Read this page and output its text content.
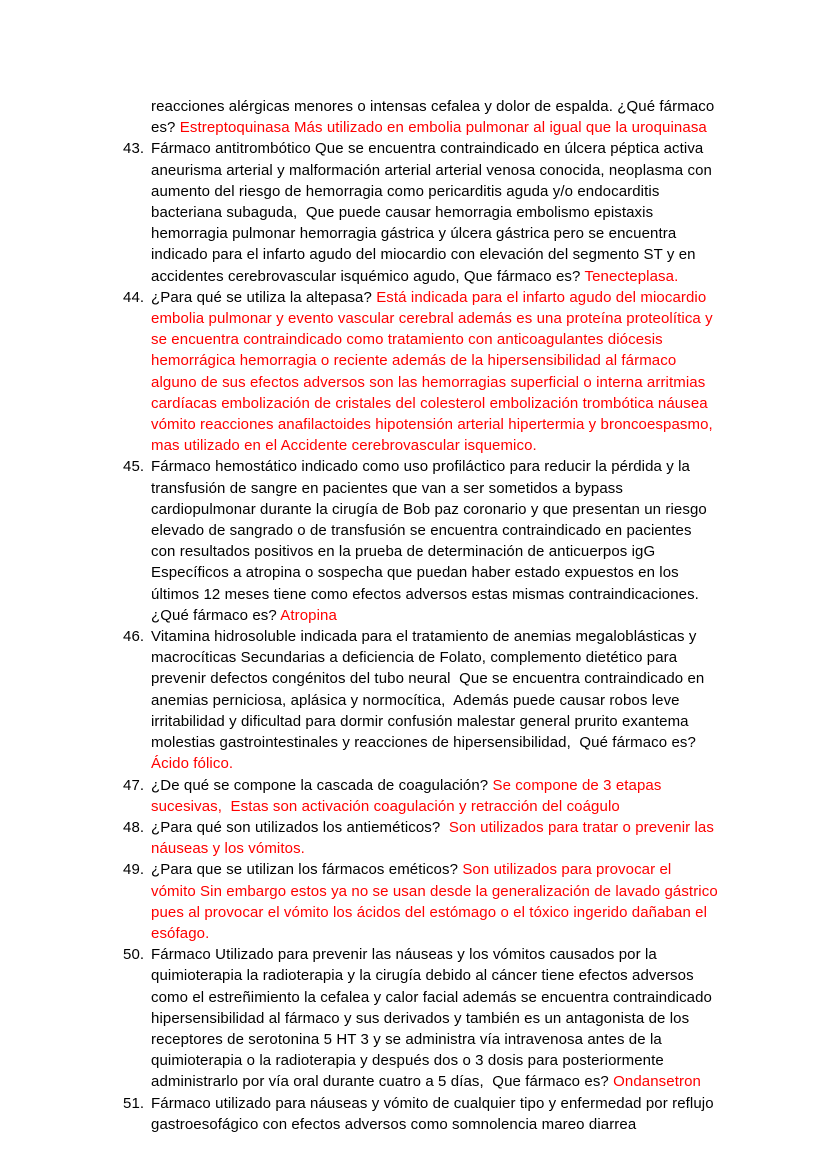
reacciones alérgicas menores o intensas cefalea y dolor de espalda. ¿Qué fármaco es? Estreptoquinasa Más utilizado en embolia pulmonar al igual que la uroquinasa
43. Fármaco antitrombótico Que se encuentra contraindicado en úlcera péptica activa aneurisma arterial y malformación arterial arterial venosa conocida, neoplasma con aumento del riesgo de hemorragia como pericarditis aguda y/o endocarditis bacteriana subaguda,  Que puede causar hemorragia embolismo epistaxis hemorragia pulmonar hemorragia gástrica y úlcera gástrica pero se encuentra indicado para el infarto agudo del miocardio con elevación del segmento ST y en accidentes cerebrovascular isquémico agudo, Que fármaco es? Tenecteplasa.
44. ¿Para qué se utiliza la altepasa? Está indicada para el infarto agudo del miocardio embolia pulmonar y evento vascular cerebral además es una proteína proteolítica y se encuentra contraindicado como tratamiento con anticoagulantes diócesis hemorrágica hemorragia o reciente además de la hipersensibilidad al fármaco alguno de sus efectos adversos son las hemorragias superficial o interna arritmias cardíacas embolización de cristales del colesterol embolización trombótica náusea vómito reacciones anafilactoides hipotensión arterial hipertermia y broncoespasmo, mas utilizado en el Accidente cerebrovascular isquemico.
45. Fármaco hemostático indicado como uso profiláctico para reducir la pérdida y la transfusión de sangre en pacientes que van a ser sometidos a bypass cardiopulmonar durante la cirugía de Bob paz coronario y que presentan un riesgo elevado de sangrado o de transfusión se encuentra contraindicado en pacientes con resultados positivos en la prueba de determinación de anticuerpos igG  Específicos a atropina o sospecha que puedan haber estado expuestos en los últimos 12 meses tiene como efectos adversos estas mismas contraindicaciones.  ¿Qué fármaco es? Atropina
46. Vitamina hidrosoluble indicada para el tratamiento de anemias megaloblásticas y macrocíticas Secundarias a deficiencia de Folato, complemento dietético para prevenir defectos congénitos del tubo neural  Que se encuentra contraindicado en anemias perniciosa, aplásica y normocítica,  Además puede causar robos leve irritabilidad y dificultad para dormir confusión malestar general prurito exantema molestias gastrointestinales y reacciones de hipersensibilidad,  Qué fármaco es? Ácido fólico.
47. ¿De qué se compone la cascada de coagulación? Se compone de 3 etapas sucesivas,  Estas son activación coagulación y retracción del coágulo
48. ¿Para qué son utilizados los antieméticos?  Son utilizados para tratar o prevenir las náuseas y los vómitos.
49. ¿Para que se utilizan los fármacos eméticos? Son utilizados para provocar el vómito Sin embargo estos ya no se usan desde la generalización de lavado gástrico pues al provocar el vómito los ácidos del estómago o el tóxico ingerido dañaban el esófago.
50. Fármaco Utilizado para prevenir las náuseas y los vómitos causados por la quimioterapia la radioterapia y la cirugía debido al cáncer tiene efectos adversos como el estreñimiento la cefalea y calor facial además se encuentra contraindicado hipersensibilidad al fármaco y sus derivados y también es un antagonista de los receptores de serotonina 5 HT 3 y se administra vía intravenosa antes de la quimioterapia o la radioterapia y después dos o 3 dosis para posteriormente administrarlo por vía oral durante cuatro a 5 días,  Que fármaco es? Ondansetron
51. Fármaco utilizado para náuseas y vómito de cualquier tipo y enfermedad por reflujo gastroesofágico con efectos adversos como somnolencia mareo diarrea
